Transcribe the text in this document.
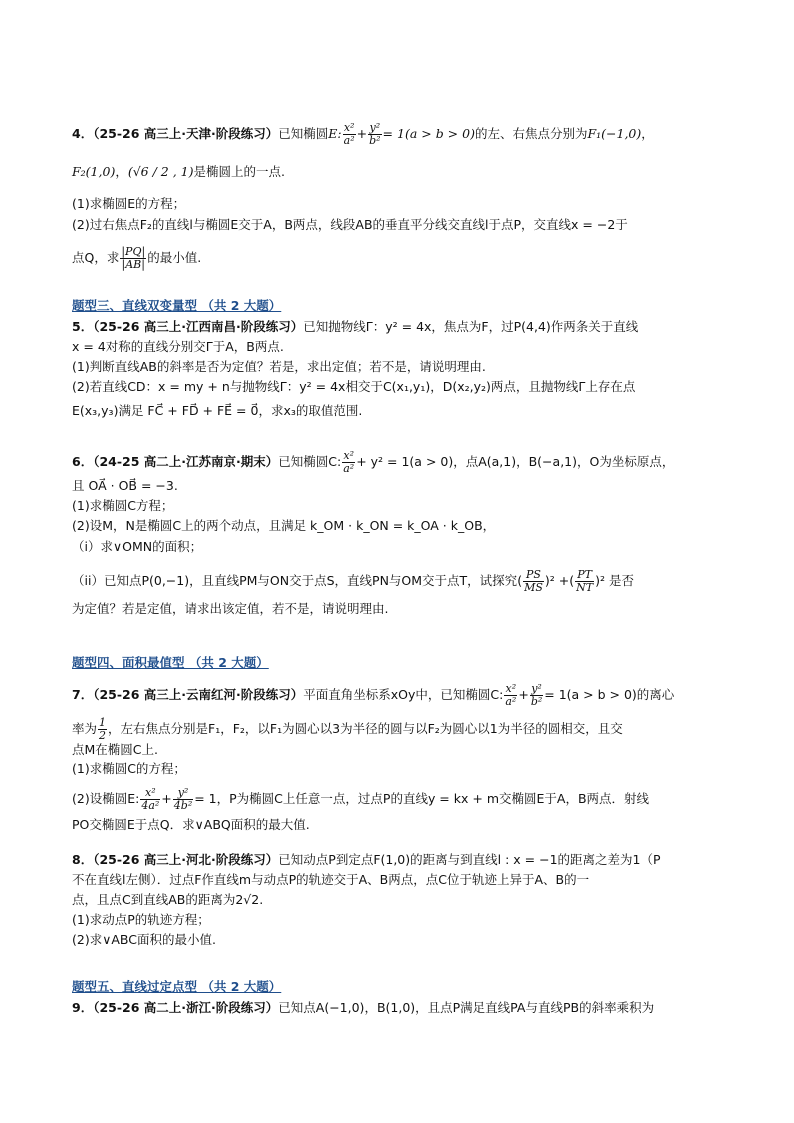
4．（25-26 高三上·天津·阶段练习）已知椭圆E: $\frac{\text{x²}}{\text{a²}} + \frac{\text{y²}}{\text{b²}} = 1(a > b > 0)$的左、右焦点分别为F₁(−1,0)，
F₂(1,0)，(√6 / 2 , 1)是椭圆上的一点.
(1)求椭圆E的方程；
(2)过右焦点F₂的直线l与椭圆E交于A，B两点，线段AB的垂直平分线交直线l于点P，交直线x = −2于
点Q，求 $\frac{|PQ|}{|AB|}$ 的最小值.
题型三、直线双变量型 （共 2 大题）
5．（25-26 高三上·江西南昌·阶段练习）已知抛物线Γ：y² = 4x，焦点为F，过P(4,4)作两条关于直线
x = 4对称的直线分别交Γ于A，B两点.
(1)判断直线AB的斜率是否为定值？若是，求出定值；若不是，请说明理由.
(2)若直线CD：x = my + n与抛物线Γ：y² = 4x相交于C(x₁,y₁)，D(x₂,y₂)两点，且抛物线Γ上存在点
E(x₃,y₃)满足 FC⃗ + FD⃗ + FE⃗ = 0⃗，求x₃的取值范围.
6．（24-25 高二上·江苏南京·期末）已知椭圆C: $\frac{\text{x²}}{\text{a²}} + y^2 = 1(a > 0)$，点A(a,1)，B(−a,1)，O为坐标原点，
且 OA⃗ · OB⃗ = −3.
(1)求椭圆C方程；
(2)设M，N是椭圆C上的两个动点，且满足 k_OM · k_ON = k_OA · k_OB，
（i）求∨OMN的面积；
（ii）已知点P(0,−1)，且直线PM与ON交于点S，直线PN与OM交于点T，试探究( $\frac{PS}{MS} )^2$ +( $\frac{PT}{NT} )^2$ 是否
为定值？若是定值，请求出该定值，若不是，请说明理由.
题型四、面积最值型 （共 2 大题）
7．（25-26 高三上·云南红河·阶段练习）平面直角坐标系xOy中，已知椭圆C: $\frac{\text{x²}}{\text{a²}} + \frac{\text{y²}}{\text{b²}} = 1(a > b > 0)$的离心
率为 $\frac{1}{2}$ ，左右焦点分别是F₁，F₂，以F₁为圆心以3为半径的圆与以F₂为圆心以1为半径的圆相交，且交
点M在椭圆C上.
(1)求椭圆C的方程；
(2)设椭圆E: $\frac{\text{x²}}{\text{4a²}} + \frac{\text{y²}}{\text{4b²}} = 1$，P为椭圆C上任意一点，过点P的直线y = kx + m交椭圆E于A，B两点．射线
PO交椭圆E于点Q．求∨ABQ面积的最大值.
8．（25-26 高三上·河北·阶段练习）已知动点P到定点F(1,0)的距离与到直线l : x = −1的距离之差为1（P
不在直线l左侧）．过点F作直线m与动点P的轨迹交于A、B两点，点C位于轨迹上异于A、B的一
点，且点C到直线AB的距离为2√2.
(1)求动点P的轨迹方程；
(2)求∨ABC面积的最小值.
题型五、直线过定点型 （共 2 大题）
9．（25-26 高二上·浙江·阶段练习）已知点A(−1,0)，B(1,0)，且点P满足直线PA与直线PB的斜率乘积为
